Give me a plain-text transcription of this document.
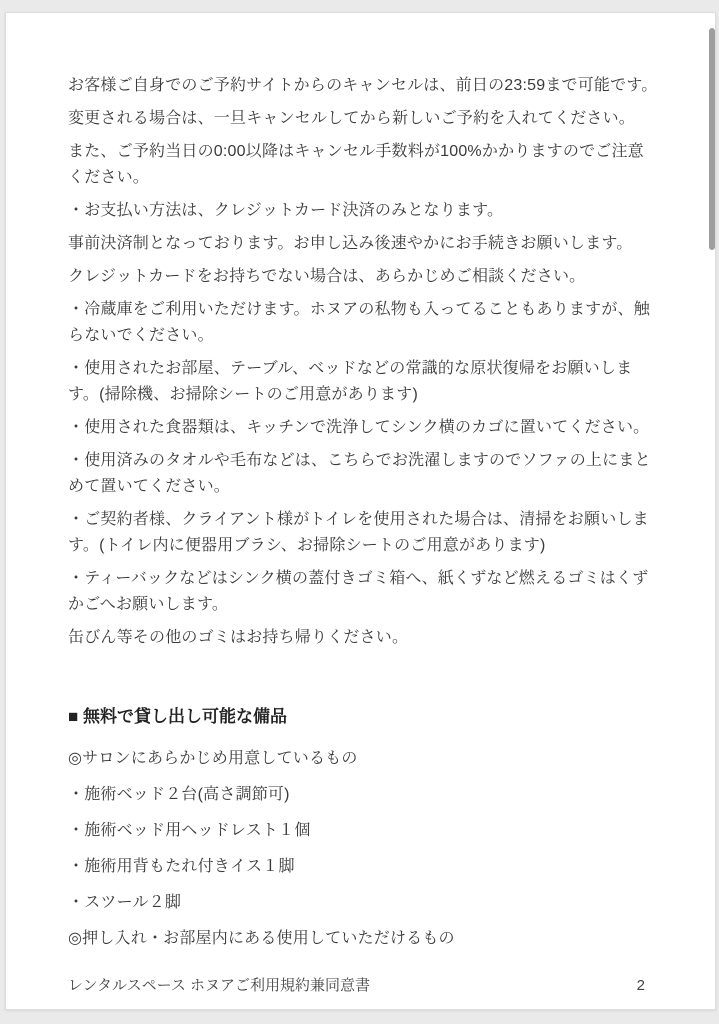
お客様ご自身でのご予約サイトからのキャンセルは、前日の23:59まで可能です。

変更される場合は、一旦キャンセルしてから新しいご予約を入れてください。

また、ご予約当日の0:00以降はキャンセル手数料が100%かかりますのでご注意ください。

・お支払い方法は、クレジットカード決済のみとなります。

事前決済制となっております。お申し込み後速やかにお手続きお願いします。

クレジットカードをお持ちでない場合は、あらかじめご相談ください。

・冷蔵庫をご利用いただけます。ホヌアの私物も入ってることもありますが、触らないでください。

・使用されたお部屋、テーブル、ベッドなどの常識的な原状復帰をお願いします。(掃除機、お掃除シートのご用意があります)

・使用された食器類は、キッチンで洗浄してシンク横のカゴに置いてください。

・使用済みのタオルや毛布などは、こちらでお洗濯しますのでソファの上にまとめて置いてください。

・ご契約者様、クライアント様がトイレを使用された場合は、清掃をお願いします。(トイレ内に便器用ブラシ、お掃除シートのご用意があります)

・ティーバックなどはシンク横の蓋付きゴミ箱へ、紙くずなど燃えるゴミはくずかごへお願いします。

缶びん等その他のゴミはお持ち帰りください。

■ 無料で貸し出し可能な備品

◎サロンにあらかじめ用意しているもの

・施術ベッド２台(高さ調節可)

・施術ベッド用ヘッドレスト１個

・施術用背もたれ付きイス１脚

・スツール２脚

◎押し入れ・お部屋内にある使用していただけるもの

レンタルスペース ホヌアご利用規約兼同意書	2
